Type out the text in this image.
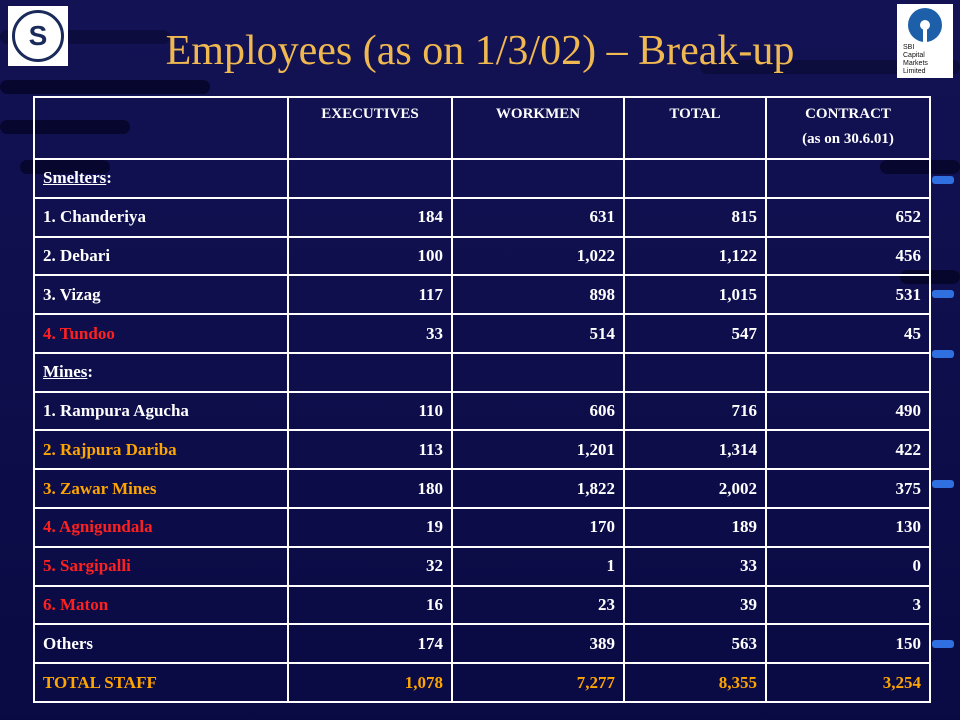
S	SBI
Capital
Markets
Limited
Employees (as on 1/3/02) – Break-up
	EXECUTIVES	WORKMEN	TOTAL	CONTRACT
(as on 30.6.01)

Smelters:				
1. Chanderiya	184	631	815	652
2. Debari	100	1,022	1,122	456
3. Vizag	117	898	1,015	531
4. Tundoo	33	514	547	45
Mines:				
1. Rampura Agucha	110	606	716	490
2. Rajpura Dariba	113	1,201	1,314	422
3. Zawar Mines	180	1,822	2,002	375
4. Agnigundala	19	170	189	130
5. Sargipalli	32	1	33	0
6. Maton	16	23	39	3
Others	174	389	563	150
TOTAL STAFF	1,078	7,277	8,355	3,254
